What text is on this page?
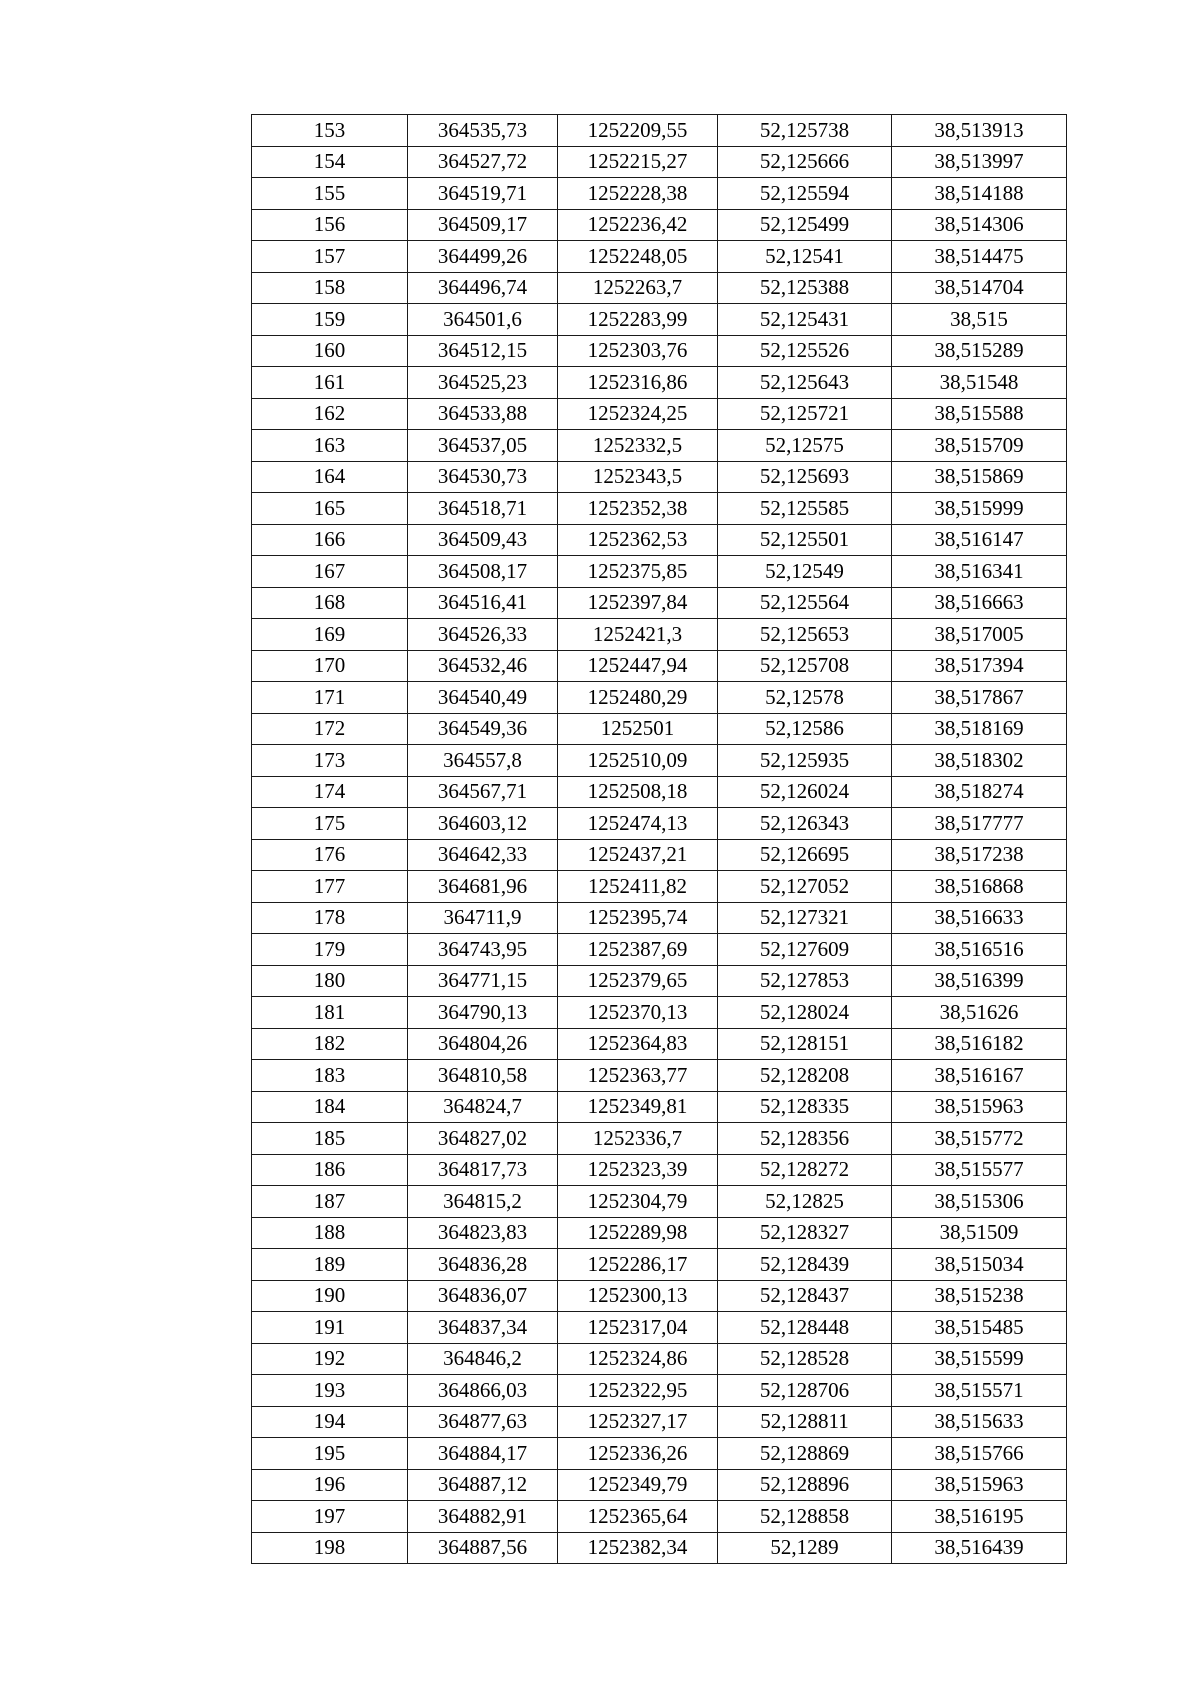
153	364535,73	1252209,55	52,125738	38,513913
154	364527,72	1252215,27	52,125666	38,513997
155	364519,71	1252228,38	52,125594	38,514188
156	364509,17	1252236,42	52,125499	38,514306
157	364499,26	1252248,05	52,12541	38,514475
158	364496,74	1252263,7	52,125388	38,514704
159	364501,6	1252283,99	52,125431	38,515
160	364512,15	1252303,76	52,125526	38,515289
161	364525,23	1252316,86	52,125643	38,51548
162	364533,88	1252324,25	52,125721	38,515588
163	364537,05	1252332,5	52,12575	38,515709
164	364530,73	1252343,5	52,125693	38,515869
165	364518,71	1252352,38	52,125585	38,515999
166	364509,43	1252362,53	52,125501	38,516147
167	364508,17	1252375,85	52,12549	38,516341
168	364516,41	1252397,84	52,125564	38,516663
169	364526,33	1252421,3	52,125653	38,517005
170	364532,46	1252447,94	52,125708	38,517394
171	364540,49	1252480,29	52,12578	38,517867
172	364549,36	1252501	52,12586	38,518169
173	364557,8	1252510,09	52,125935	38,518302
174	364567,71	1252508,18	52,126024	38,518274
175	364603,12	1252474,13	52,126343	38,517777
176	364642,33	1252437,21	52,126695	38,517238
177	364681,96	1252411,82	52,127052	38,516868
178	364711,9	1252395,74	52,127321	38,516633
179	364743,95	1252387,69	52,127609	38,516516
180	364771,15	1252379,65	52,127853	38,516399
181	364790,13	1252370,13	52,128024	38,51626
182	364804,26	1252364,83	52,128151	38,516182
183	364810,58	1252363,77	52,128208	38,516167
184	364824,7	1252349,81	52,128335	38,515963
185	364827,02	1252336,7	52,128356	38,515772
186	364817,73	1252323,39	52,128272	38,515577
187	364815,2	1252304,79	52,12825	38,515306
188	364823,83	1252289,98	52,128327	38,51509
189	364836,28	1252286,17	52,128439	38,515034
190	364836,07	1252300,13	52,128437	38,515238
191	364837,34	1252317,04	52,128448	38,515485
192	364846,2	1252324,86	52,128528	38,515599
193	364866,03	1252322,95	52,128706	38,515571
194	364877,63	1252327,17	52,128811	38,515633
195	364884,17	1252336,26	52,128869	38,515766
196	364887,12	1252349,79	52,128896	38,515963
197	364882,91	1252365,64	52,128858	38,516195
198	364887,56	1252382,34	52,1289	38,516439
